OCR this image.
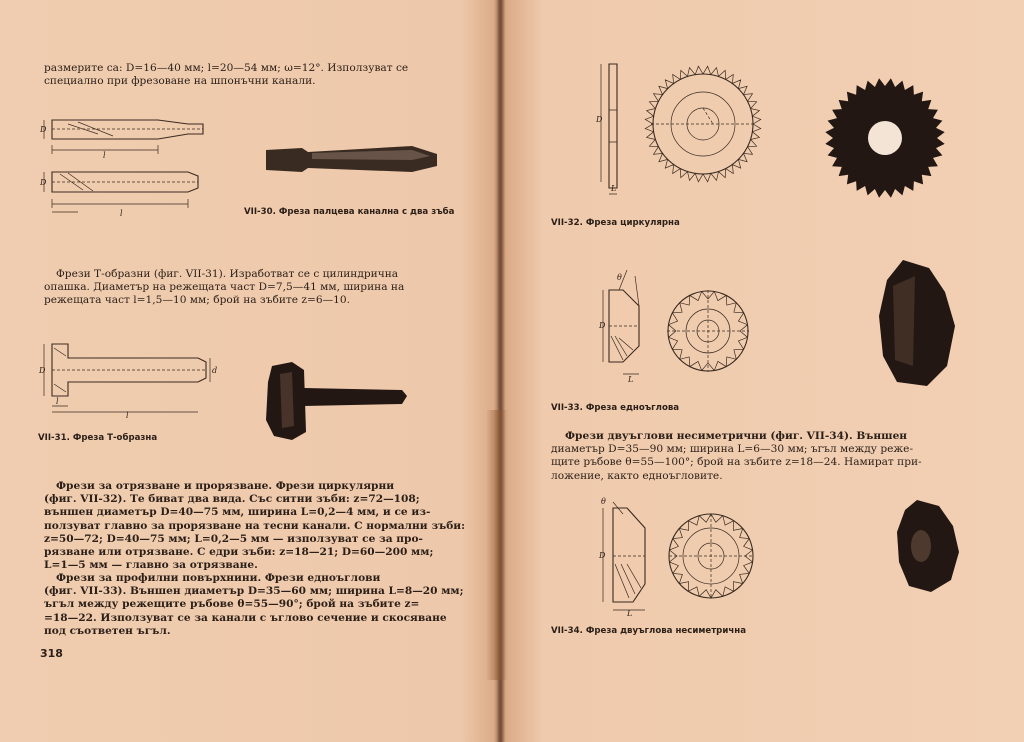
размерите са: D=16—40 мм; l=20—54 мм; ω=12°. Използуват се
специално при фрезоване на шпонъчни канали.
D
l
D
l	VII-30. Фреза палцева канална с два зъба
Фрези Т-образни (фиг. VII-31). Изработват се с цилиндрична
опашка. Диаметър на режещата част D=7,5—41 мм, ширина на
режещата част l=1,5—10 мм; брой на зъбите z=6—10.
D	d
l
l
VII-31. Фреза Т-образна
Фрези за отрязване и прорязване. Фрези циркулярни
(фиг. VII-32). Те биват два вида. Със ситни зъби: z=72—108;
външен диаметър D=40—75 мм, ширина L=0,2—4 мм, и се из-
ползуват главно за прорязване на тесни канали. С нормални зъби:
z=50—72; D=40—75 мм; L=0,2—5 мм — използуват се за про-
рязване или отрязване. С едри зъби: z=18—21; D=60—200 мм;
L=1—5 мм — главно за отрязване.
Фрези за профилни повърхнини. Фрези едноъглови
(фиг. VII-33). Външен диаметър D=35—60 мм; ширина L=8—20 мм;
ъгъл между режещите ръбове θ=55—90°; брой на зъбите z=
=18—22. Използуват се за канали с ъглово сечение и скосяване
под съответен ъгъл.
318
D
L
VII-32. Фреза циркулярна
θ
D
L
VII-33. Фреза едноъглова
Фрези двуъглови несиметрични (фиг. VII-34). Външен
диаметър D=35—90 мм; ширина L=6—30 мм; ъгъл между реже-
щите ръбове θ=55—100°; брой на зъбите z=18—24. Намират при-
ложение, както едноъгловите.
θ
D
L
VII-34. Фреза двуъглова несиметрична
